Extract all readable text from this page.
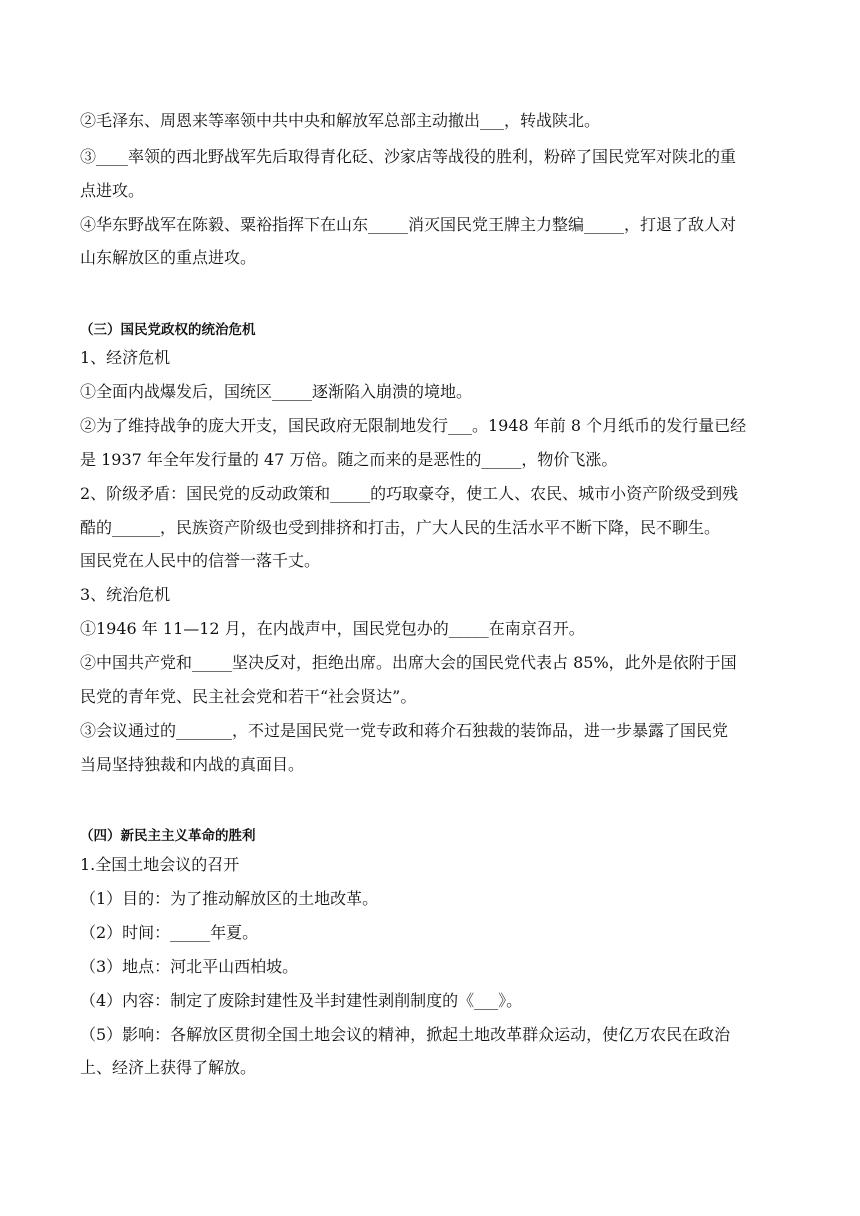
②毛泽东、周恩来等率领中共中央和解放军总部主动撤出___，转战陕北。
③____率领的西北野战军先后取得青化砭、沙家店等战役的胜利，粉碎了国民党军对陕北的重
点进攻。
④华东野战军在陈毅、粟裕指挥下在山东_____消灭国民党王牌主力整编_____，打退了敌人对
山东解放区的重点进攻。
（三）国民党政权的统治危机
1、经济危机
①全面内战爆发后，国统区_____逐渐陷入崩溃的境地。
②为了维持战争的庞大开支，国民政府无限制地发行___。1948 年前 8 个月纸币的发行量已经
是 1937 年全年发行量的 47 万倍。随之而来的是恶性的_____，物价飞涨。
2、阶级矛盾：国民党的反动政策和_____的巧取豪夺，使工人、农民、城市小资产阶级受到残
酷的______，民族资产阶级也受到排挤和打击，广大人民的生活水平不断下降，民不聊生。
国民党在人民中的信誉一落千丈。
3、统治危机
①1946 年 11—12 月，在内战声中，国民党包办的_____在南京召开。
②中国共产党和_____坚决反对，拒绝出席。出席大会的国民党代表占 85%，此外是依附于国
民党的青年党、民主社会党和若干“社会贤达”。
③会议通过的_______，不过是国民党一党专政和蒋介石独裁的装饰品，进一步暴露了国民党
当局坚持独裁和内战的真面目。
（四）新民主主义革命的胜利
1.全国土地会议的召开
（1）目的：为了推动解放区的土地改革。
（2）时间：_____年夏。
（3）地点：河北平山西柏坡。
（4）内容：制定了废除封建性及半封建性剥削制度的《___》。
（5）影响：各解放区贯彻全国土地会议的精神，掀起土地改革群众运动，使亿万农民在政治
上、经济上获得了解放。
